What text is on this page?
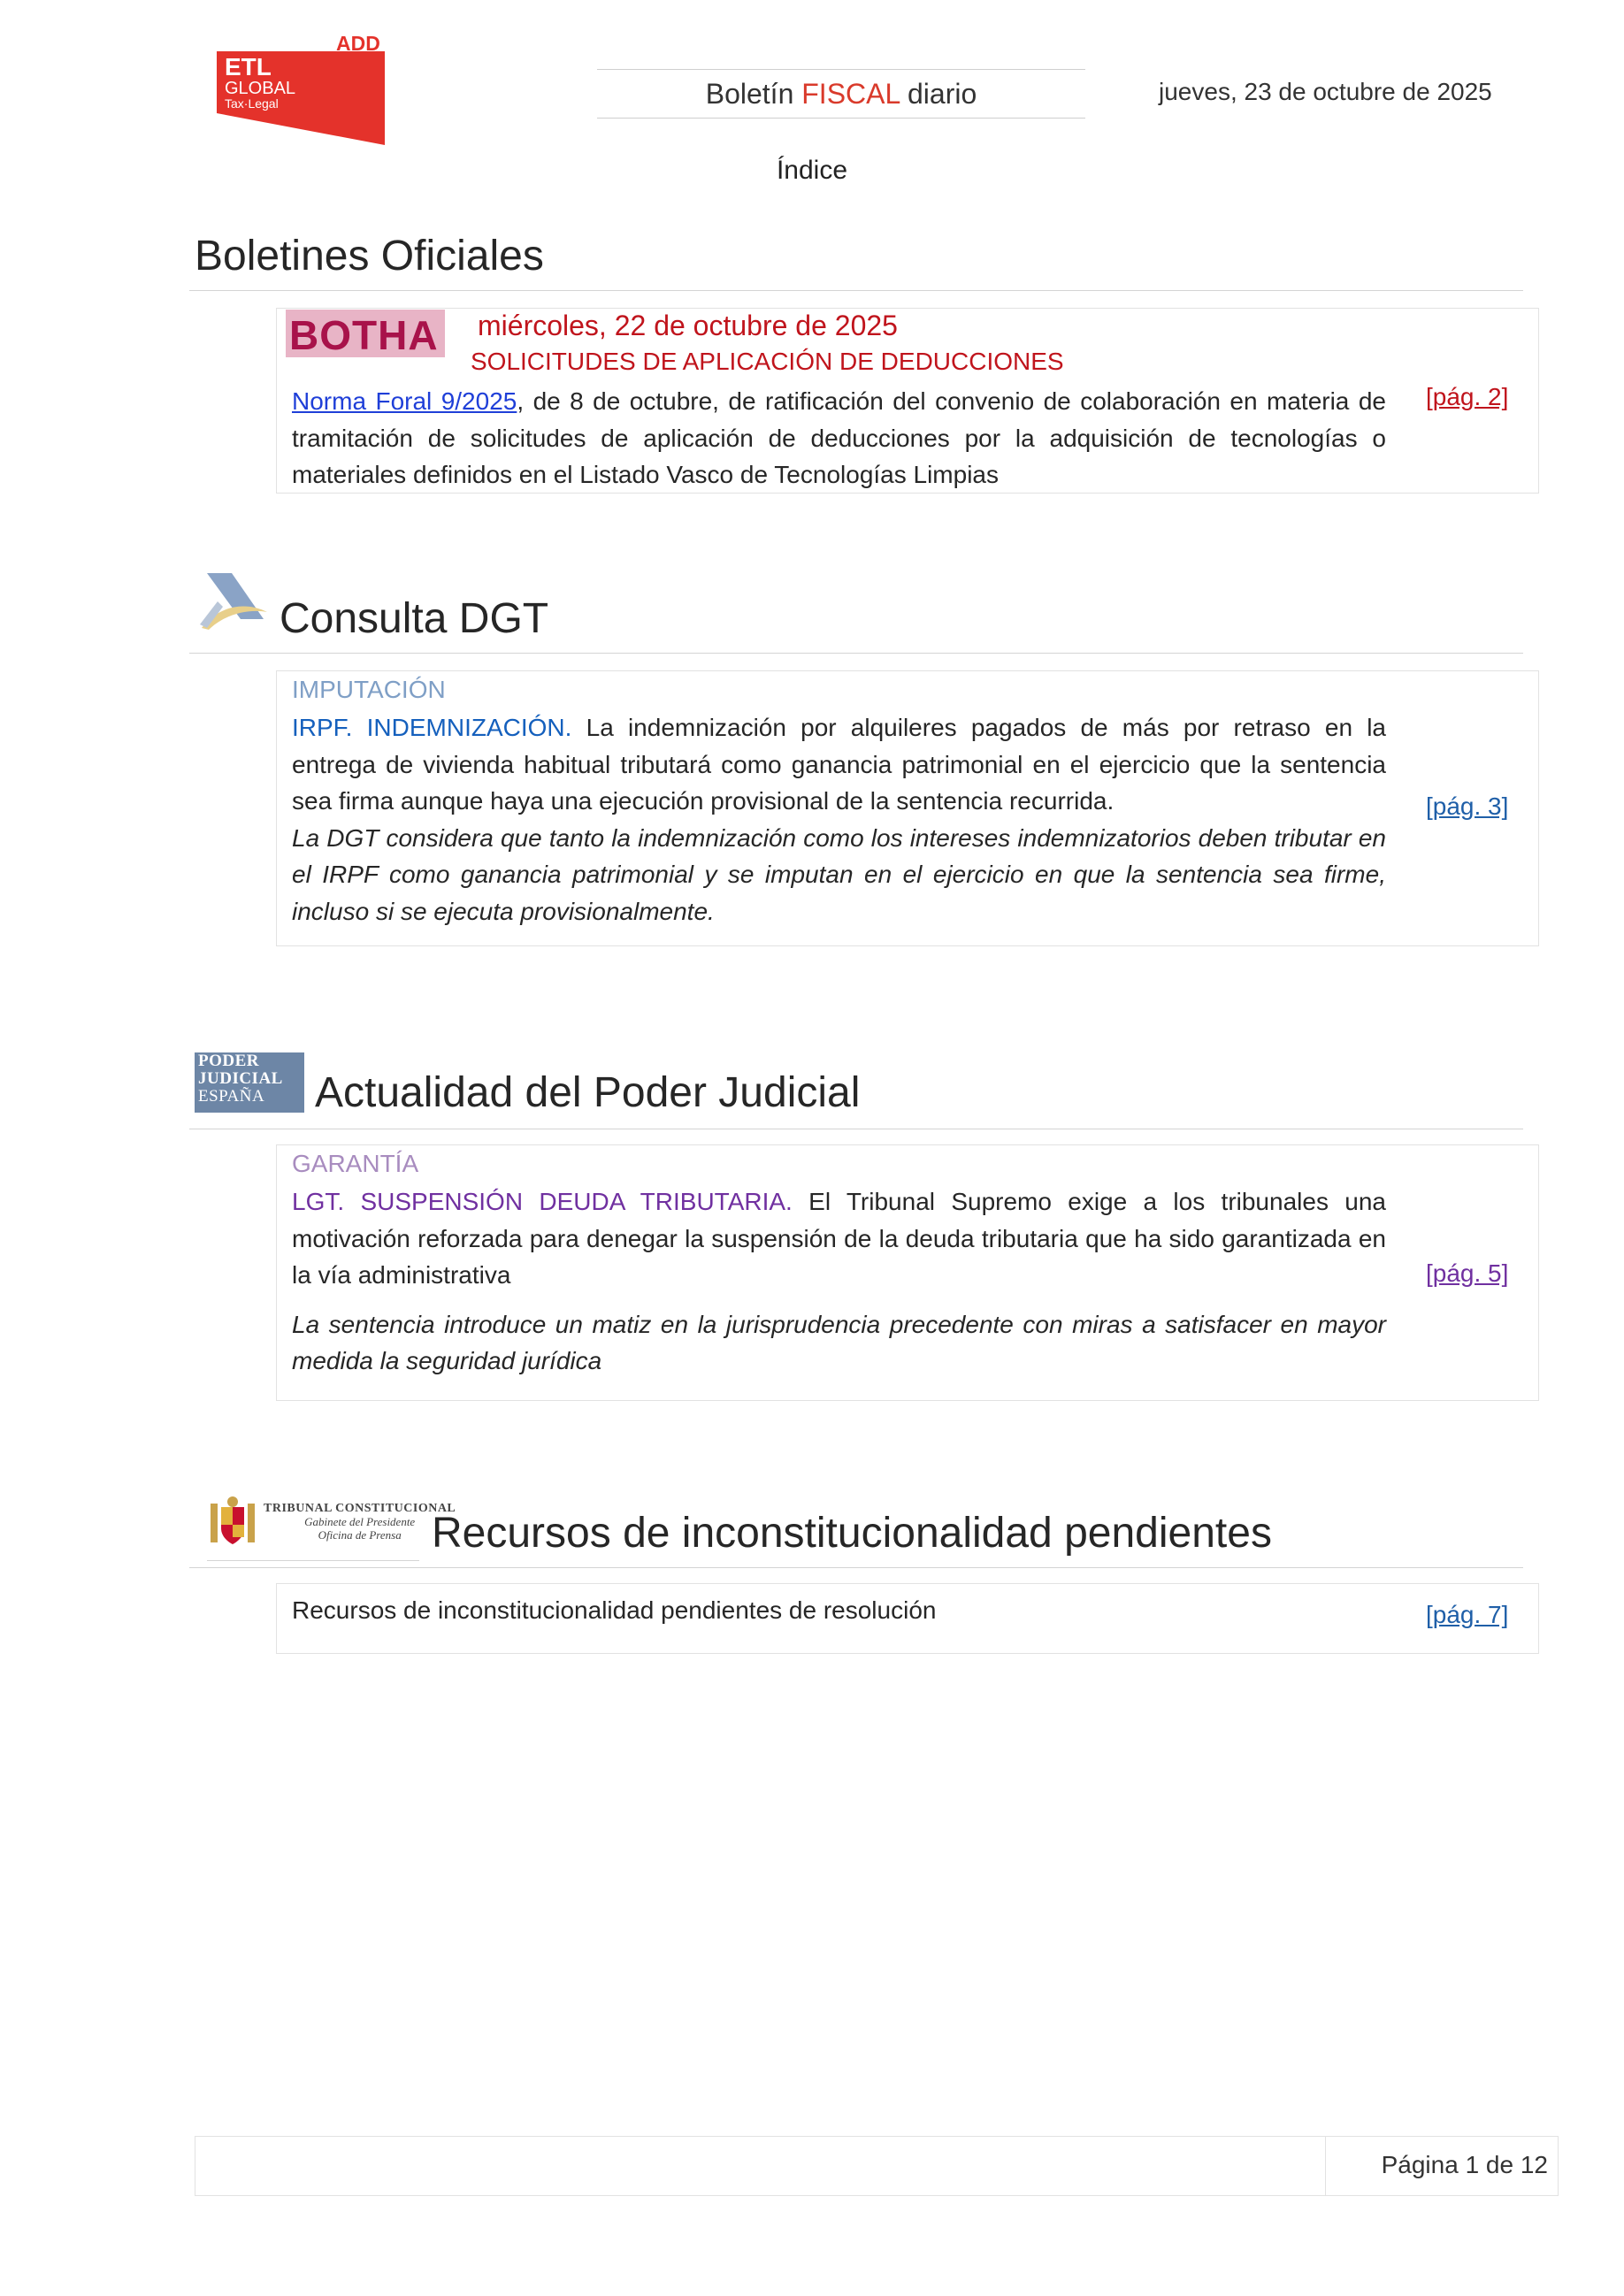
ADD
ETL
GLOBAL
Tax·Legal	Boletín FISCAL diario	jueves, 23 de octubre de 2025
Índice
Boletines Oficiales
BOTHA miércoles, 22 de octubre de 2025
SOLICITUDES DE APLICACIÓN DE DEDUCCIONES
Norma Foral 9/2025, de 8 de octubre, de ratificación del convenio de colaboración en materia de tramitación de solicitudes de aplicación de deducciones por la adquisición de tecnologías o materiales definidos en el Listado Vasco de Tecnologías Limpias
[pág. 2]
Consulta DGT
IMPUTACIÓN

IRPF. INDEMNIZACIÓN. La indemnización por alquileres pagados de más por retraso en la entrega de vivienda habitual tributará como ganancia patrimonial en el ejercicio que la sentencia sea firma aunque haya una ejecución provisional de la sentencia recurrida.

La DGT considera que tanto la indemnización como los intereses indemnizatorios deben tributar en el IRPF como ganancia patrimonial y se imputan en el ejercicio en que la sentencia sea firme, incluso si se ejecuta provisionalmente.

[pág. 3]
PODER
JUDICIAL
ESPAÑA	Actualidad del Poder Judicial
GARANTÍA

LGT. SUSPENSIÓN DEUDA TRIBUTARIA. El Tribunal Supremo exige a los tribunales una motivación reforzada para denegar la suspensión de la deuda tributaria que ha sido garantizada en la vía administrativa

La sentencia introduce un matiz en la jurisprudencia precedente con miras a satisfacer en mayor medida la seguridad jurídica

[pág. 5]
TRIBUNAL CONSTITUCIONAL
Gabinete del Presidente
Oficina de Prensa Recursos de inconstitucionalidad pendientes
Recursos de inconstitucionalidad pendientes de resolución	[pág. 7]
Página 1 de 12
